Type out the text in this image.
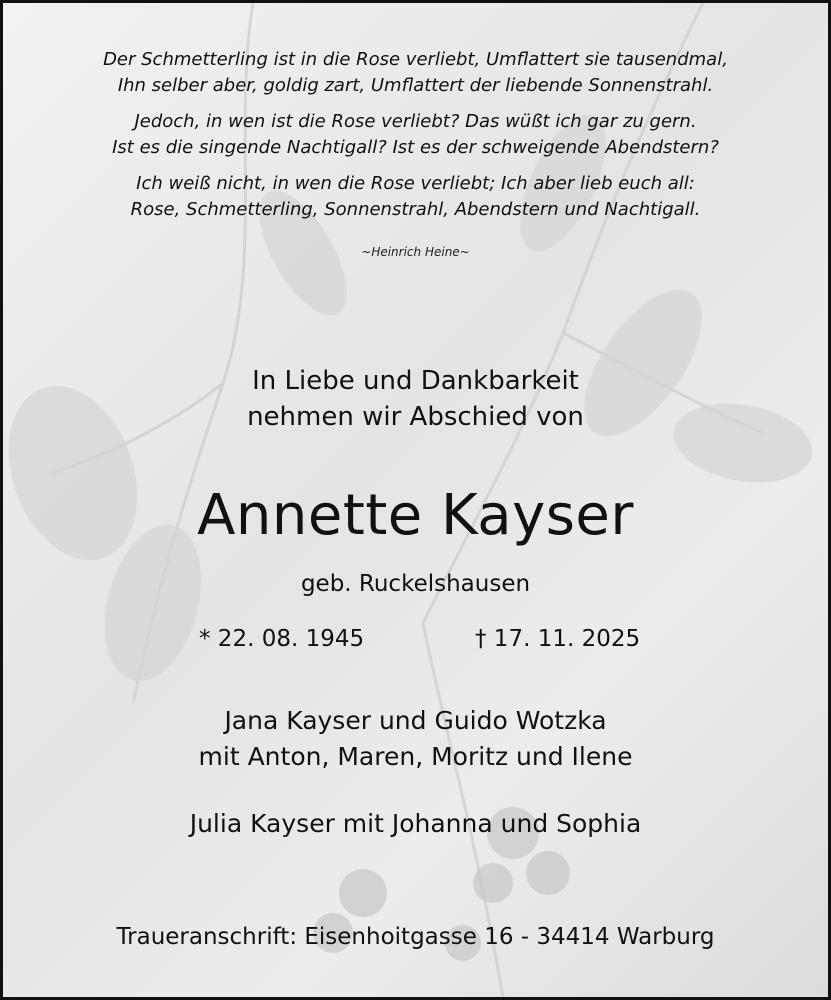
Der Schmetterling ist in die Rose verliebt, Umflattert sie tausendmal,
Ihn selber aber, goldig zart, Umflattert der liebende Sonnenstrahl.
Jedoch, in wen ist die Rose verliebt? Das wüßt ich gar zu gern.
Ist es die singende Nachtigall? Ist es der schweigende Abendstern?
Ich weiß nicht, in wen die Rose verliebt; Ich aber lieb euch all:
Rose, Schmetterling, Sonnenstrahl, Abendstern und Nachtigall.
~Heinrich Heine~
In Liebe und Dankbarkeit
nehmen wir Abschied von
Annette Kayser
geb. Ruckelshausen
* 22. 08. 1945	† 17. 11. 2025
Jana Kayser und Guido Wotzka
mit Anton, Maren, Moritz und Ilene
Julia Kayser mit Johanna und Sophia
Traueranschrift: Eisenhoitgasse 16 - 34414 Warburg
